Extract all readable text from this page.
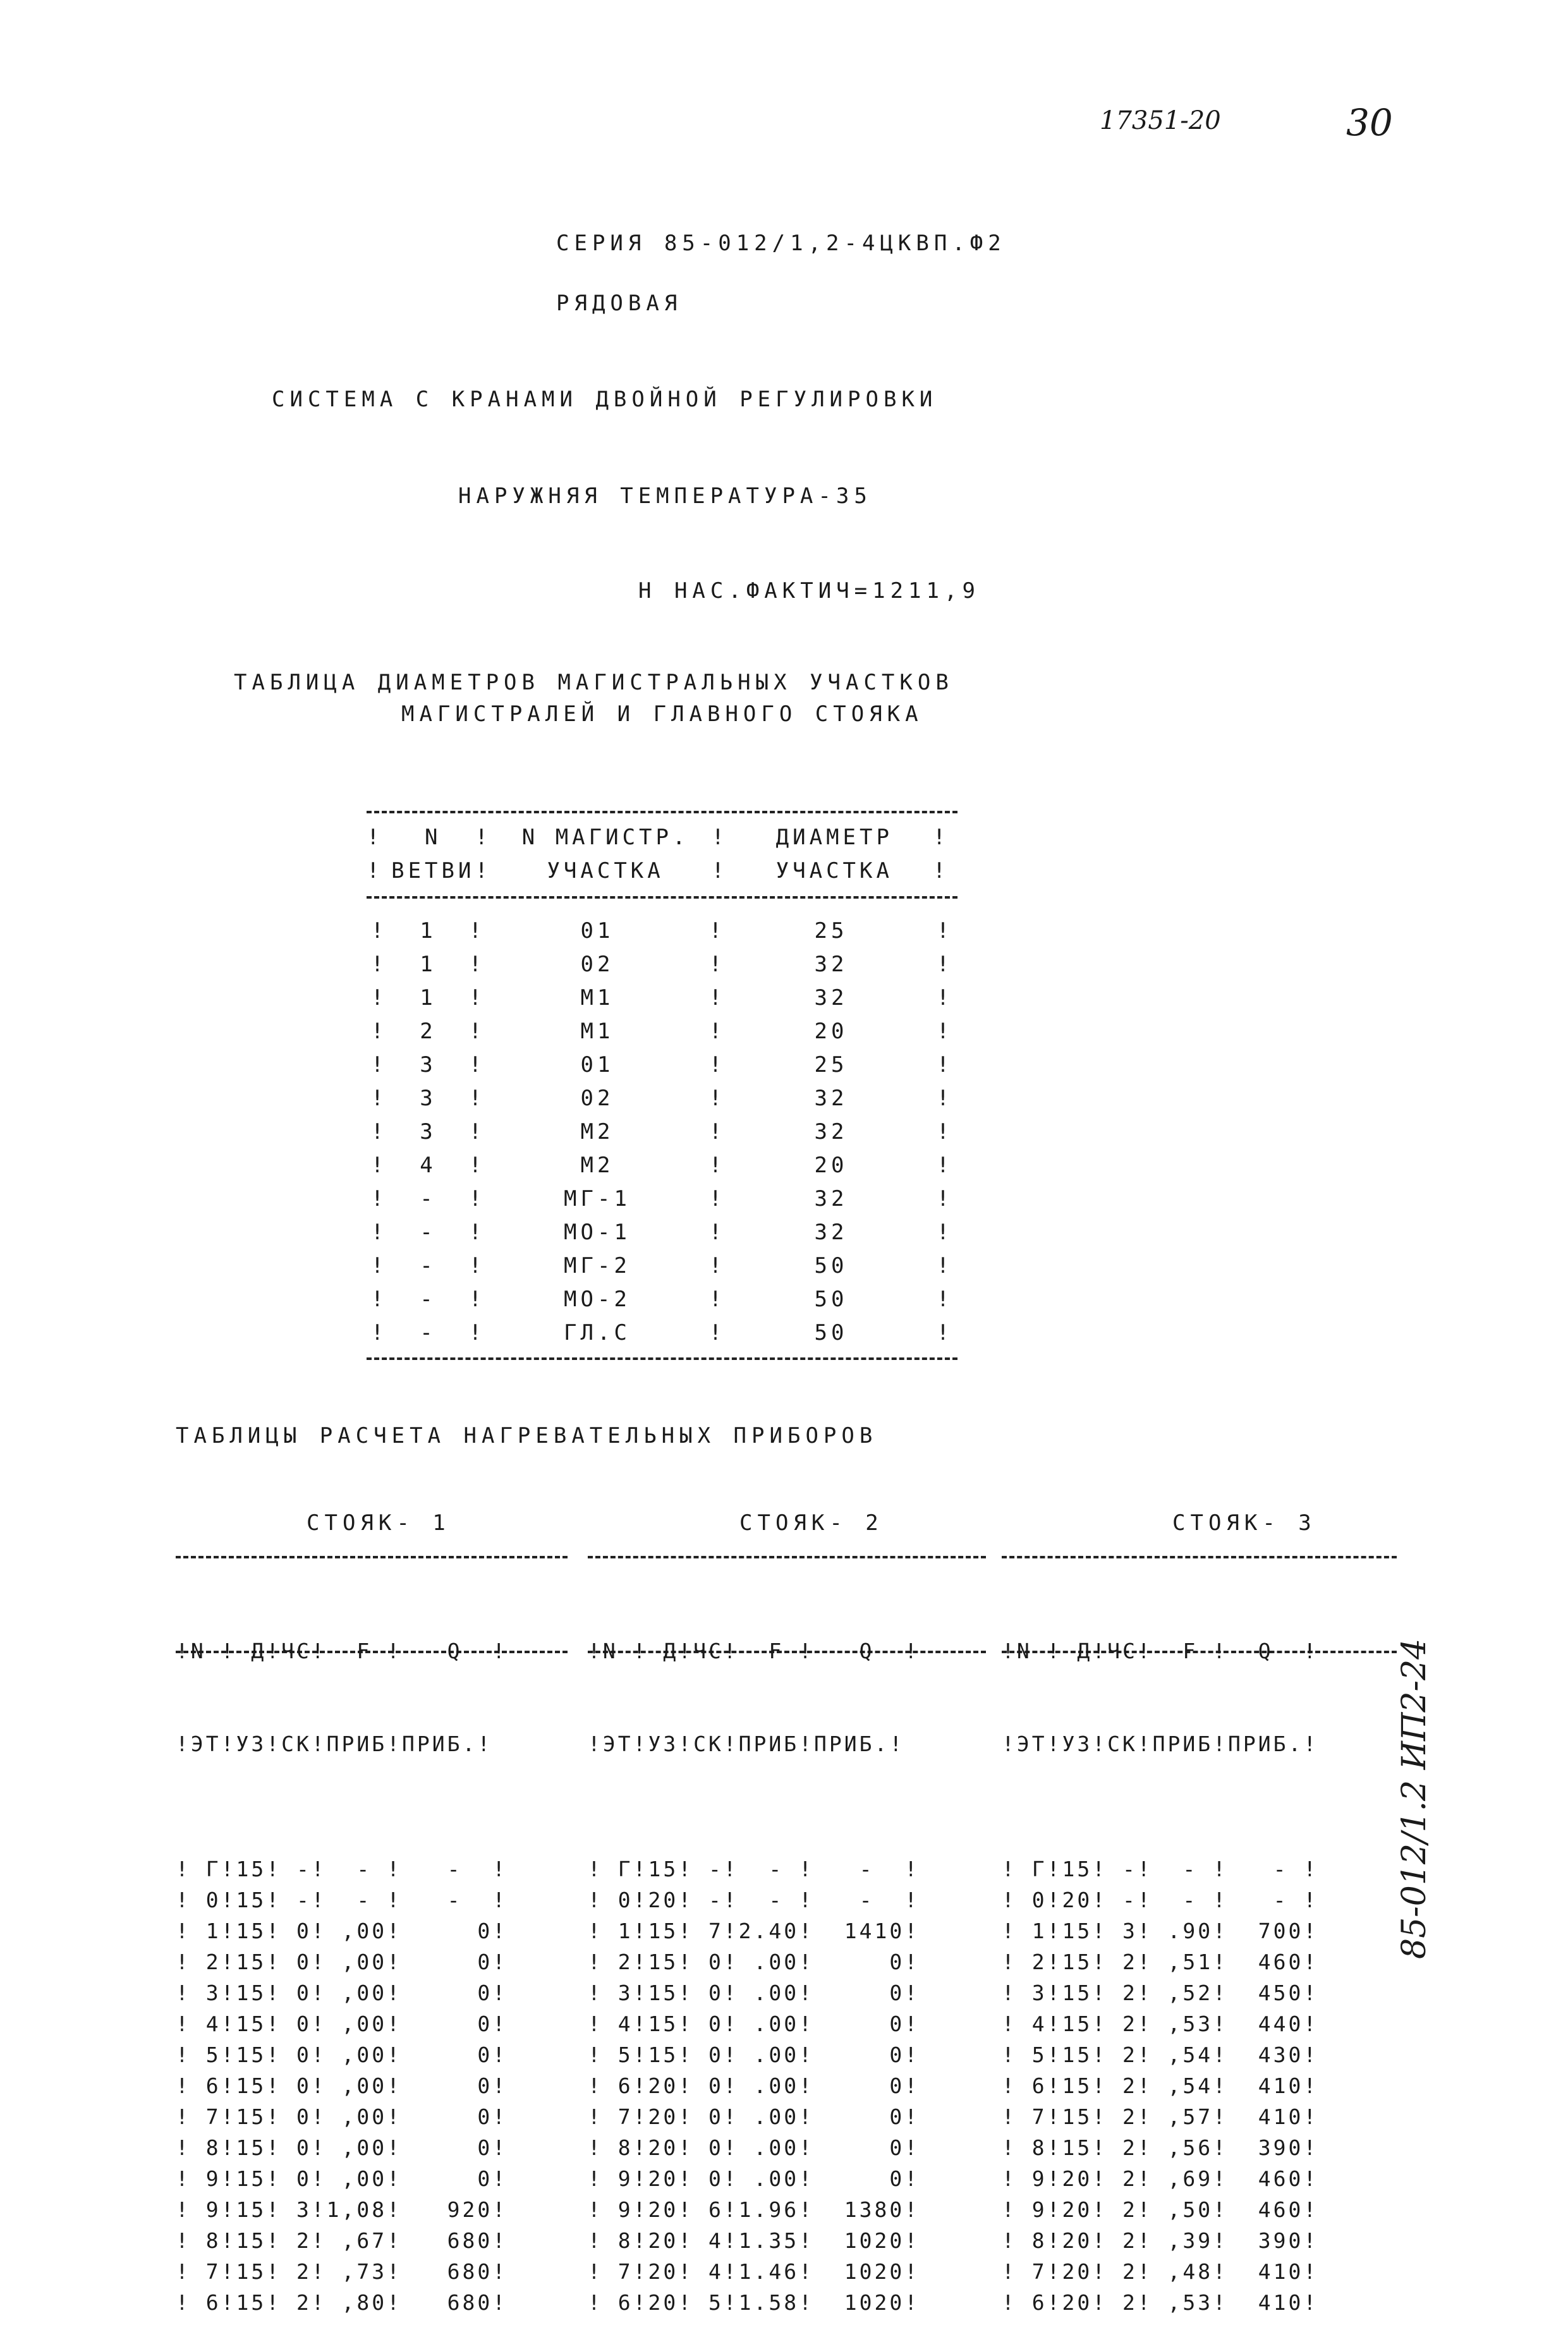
17351-20	30
СЕРИЯ 85-012/1,2-4ЦКВП.Ф2
РЯДОВАЯ
СИСТЕМА С КРАНАМИ ДВОЙНОЙ РЕГУЛИРОВКИ
НАРУЖНЯЯ ТЕМПЕРАТУРА-35
Н НАС.ФАКТИЧ=1211,9
ТАБЛИЦА ДИАМЕТРОВ МАГИСТРАЛЬНЫХ УЧАСТКОВ
МАГИСТРАЛЕЙ И ГЛАВНОГО СТОЯКА
!	N	!	N МАГИСТР.	!	ДИАМЕТР	!
!	ВЕТВИ	!	УЧАСТКА	!	УЧАСТКА	!
!	1	!	01	!	25	!
!	1	!	02	!	32	!
!	1	!	М1	!	32	!
!	2	!	М1	!	20	!
!	3	!	01	!	25	!
!	3	!	02	!	32	!
!	3	!	М2	!	32	!
!	4	!	М2	!	20	!
!	-	!	МГ-1	!	32	!
!	-	!	МО-1	!	32	!
!	-	!	МГ-2	!	50	!
!	-	!	МО-2	!	50	!
!	-	!	ГЛ.С	!	50	!
ТАБЛИЦЫ РАСЧЕТА НАГРЕВАТЕЛЬНЫХ ПРИБОРОВ
СТОЯК- 1	СТОЯК- 2	СТОЯК- 3

!N ! Д!ЧС!  F !   Q  !

!ЭТ!УЗ!СК!ПРИБ!ПРИБ.!

! Г!15! -!  - !   -  !
! 0!15! -!  - !   -  !
! 1!15! 0! ,00!     0!
! 2!15! 0! ,00!     0!
! 3!15! 0! ,00!     0!
! 4!15! 0! ,00!     0!
! 5!15! 0! ,00!     0!
! 6!15! 0! ,00!     0!
! 7!15! 0! ,00!     0!
! 8!15! 0! ,00!     0!
! 9!15! 0! ,00!     0!
! 9!15! 3!1,08!   920!
! 8!15! 2! ,67!   680!
! 7!15! 2! ,73!   680!
! 6!15! 2! ,80!   680!

!N ! Д!ЧС!  F !   Q  !

!ЭТ!УЗ!СК!ПРИБ!ПРИБ.!

! Г!15! -!  - !   -  !
! 0!20! -!  - !   -  !
! 1!15! 7!2.40!  1410!
! 2!15! 0! .00!     0!
! 3!15! 0! .00!     0!
! 4!15! 0! .00!     0!
! 5!15! 0! .00!     0!
! 6!20! 0! .00!     0!
! 7!20! 0! .00!     0!
! 8!20! 0! .00!     0!
! 9!20! 0! .00!     0!
! 9!20! 6!1.96!  1380!
! 8!20! 4!1.35!  1020!
! 7!20! 4!1.46!  1020!
! 6!20! 5!1.58!  1020!

!N ! Д!ЧС!  F !  Q  !

!ЭТ!УЗ!СК!ПРИБ!ПРИБ.!

! Г!15! -!  - !   - !
! 0!20! -!  - !   - !
! 1!15! 3! .90!  700!
! 2!15! 2! ,51!  460!
! 3!15! 2! ,52!  450!
! 4!15! 2! ,53!  440!
! 5!15! 2! ,54!  430!
! 6!15! 2! ,54!  410!
! 7!15! 2! ,57!  410!
! 8!15! 2! ,56!  390!
! 9!20! 2! ,69!  460!
! 9!20! 2! ,50!  460!
! 8!20! 2! ,39!  390!
! 7!20! 2! ,48!  410!
! 6!20! 2! ,53!  410!

85-012/1.2 ИП2-24
